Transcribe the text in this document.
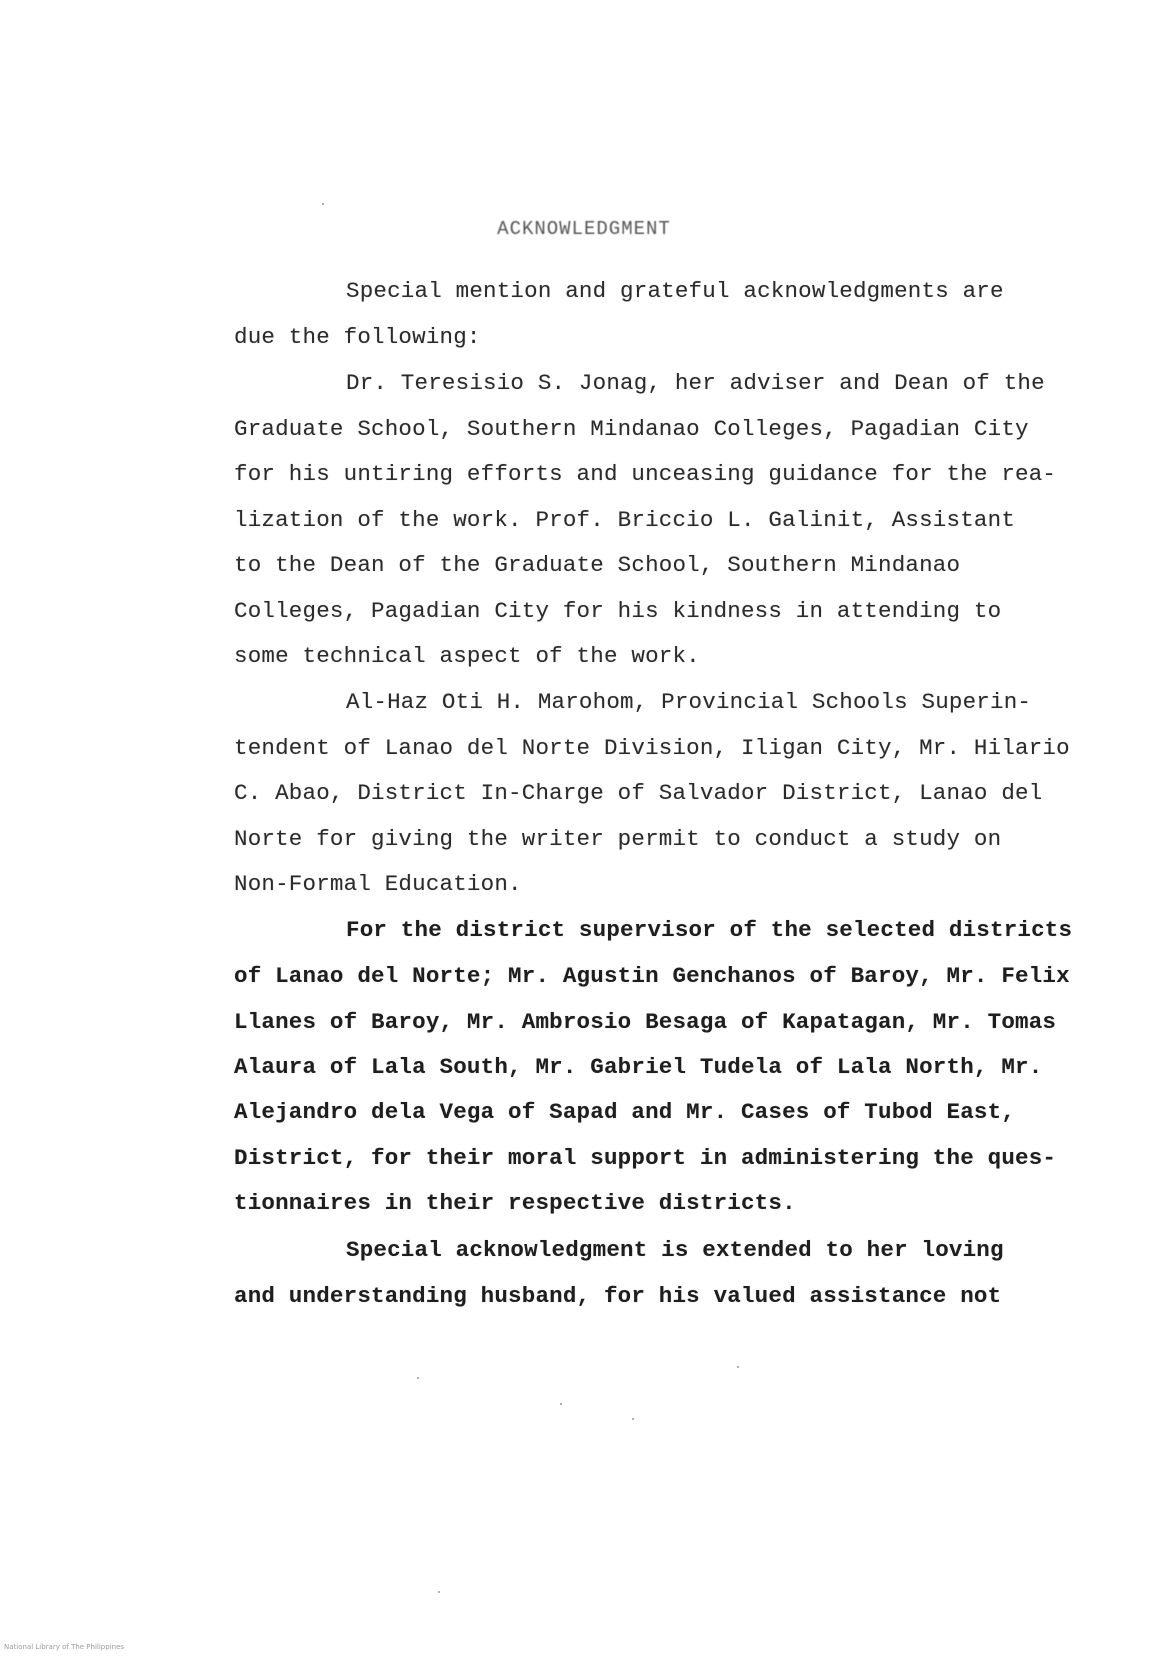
ACKNOWLEDGMENT
Special mention and grateful acknowledgments are
due the following:
Dr. Teresisio S. Jonag, her adviser and Dean of the
Graduate School, Southern Mindanao Colleges, Pagadian City
for his untiring efforts and unceasing guidance for the rea-
lization of the work. Prof. Briccio L. Galinit, Assistant
to the Dean of the Graduate School, Southern Mindanao
Colleges, Pagadian City for his kindness in attending to
some technical aspect of the work.
Al-Haz Oti H. Marohom, Provincial Schools Superin-
tendent of Lanao del Norte Division, Iligan City, Mr. Hilario
C. Abao, District In-Charge of Salvador District, Lanao del
Norte for giving the writer permit to conduct a study on
Non-Formal Education.
For the district supervisor of the selected districts
of Lanao del Norte; Mr. Agustin Genchanos of Baroy, Mr. Felix
Llanes of Baroy, Mr. Ambrosio Besaga of Kapatagan, Mr. Tomas
Alaura of Lala South, Mr. Gabriel Tudela of Lala North, Mr.
Alejandro dela Vega of Sapad and Mr. Cases of Tubod East,
District, for their moral support in administering the ques-
tionnaires in their respective districts.
Special acknowledgment is extended to her loving
and understanding husband, for his valued assistance not
National Library of The Philippines
